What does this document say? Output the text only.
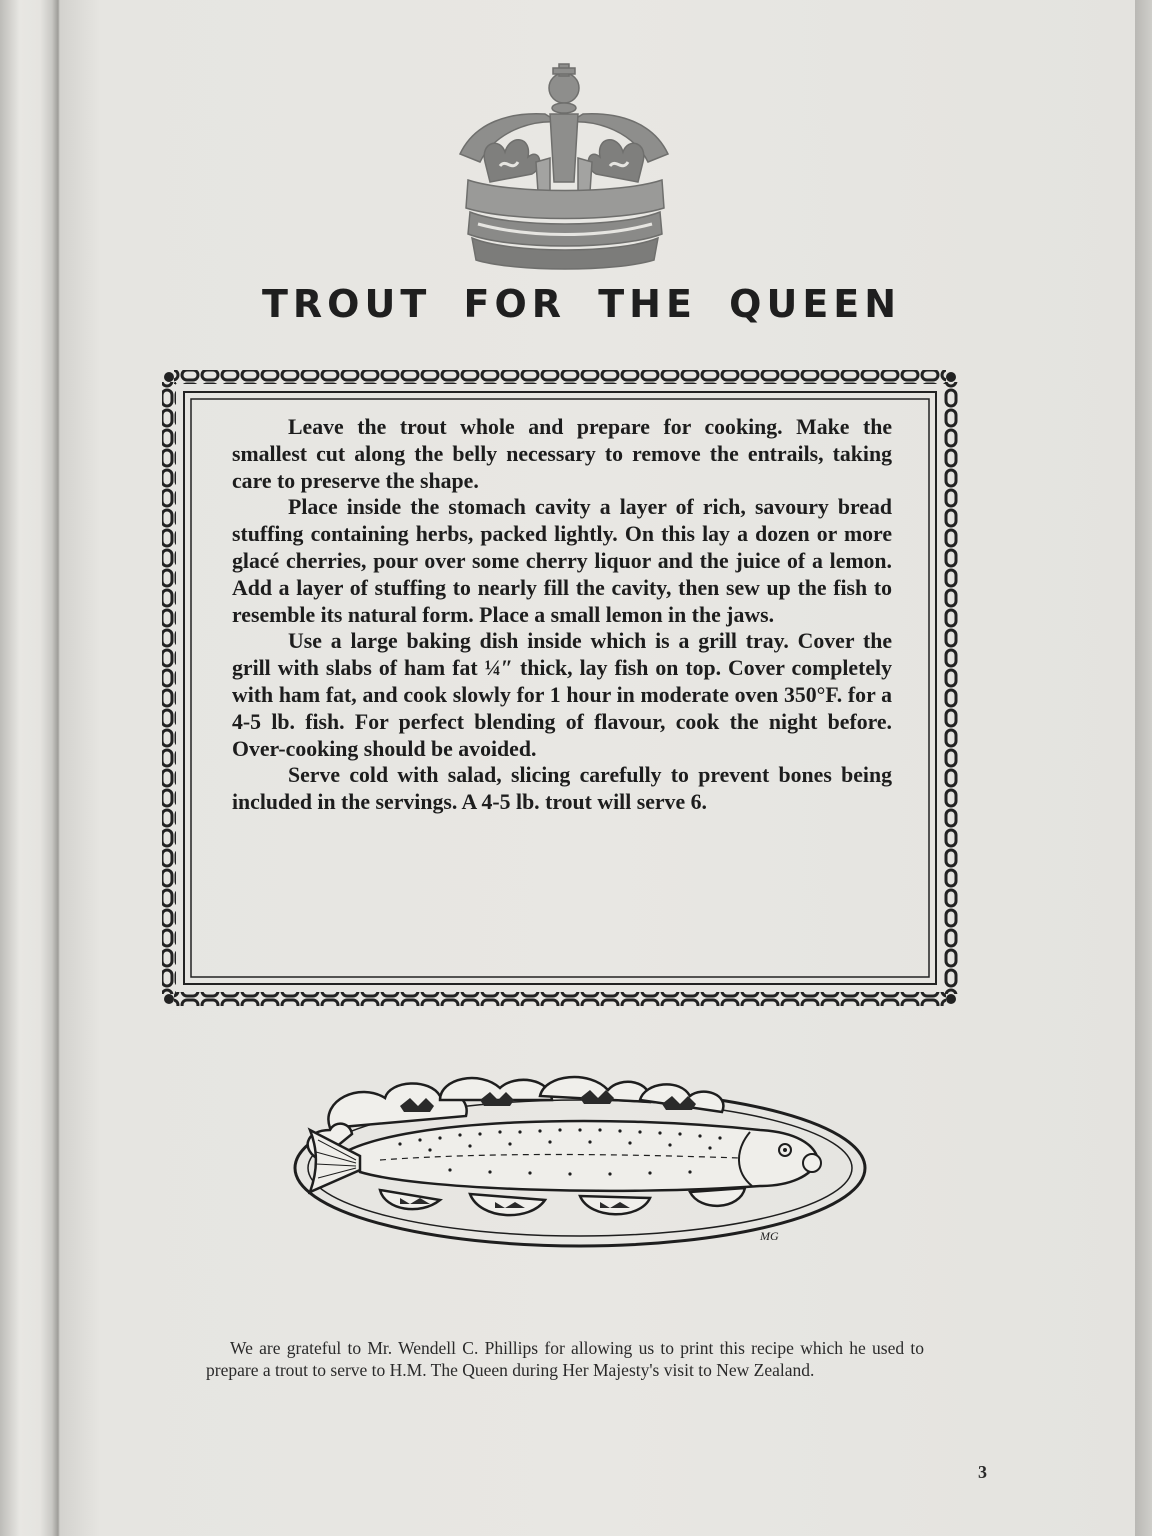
TROUT FOR THE QUEEN

Leave the trout whole and prepare for cooking. Make the smallest cut along the belly necessary to remove the entrails, taking care to preserve the shape.

Place inside the stomach cavity a layer of rich, savoury bread stuffing containing herbs, packed lightly. On this lay a dozen or more glacé cherries, pour over some cherry liquor and the juice of a lemon. Add a layer of stuffing to nearly fill the cavity, then sew up the fish to resemble its natural form. Place a small lemon in the jaws.

Use a large baking dish inside which is a grill tray. Cover the grill with slabs of ham fat ¼″ thick, lay fish on top. Cover completely with ham fat, and cook slowly for 1 hour in moderate oven 350°F. for a 4-5 lb. fish. For perfect blending of flavour, cook the night before. Over-cooking should be avoided.

Serve cold with salad, slicing carefully to prevent bones being included in the servings. A 4-5 lb. trout will serve 6.

MG

We are grateful to Mr. Wendell C. Phillips for allowing us to print this recipe which he used to prepare a trout to serve to H.M. The Queen during Her Majesty's visit to New Zealand.

3
